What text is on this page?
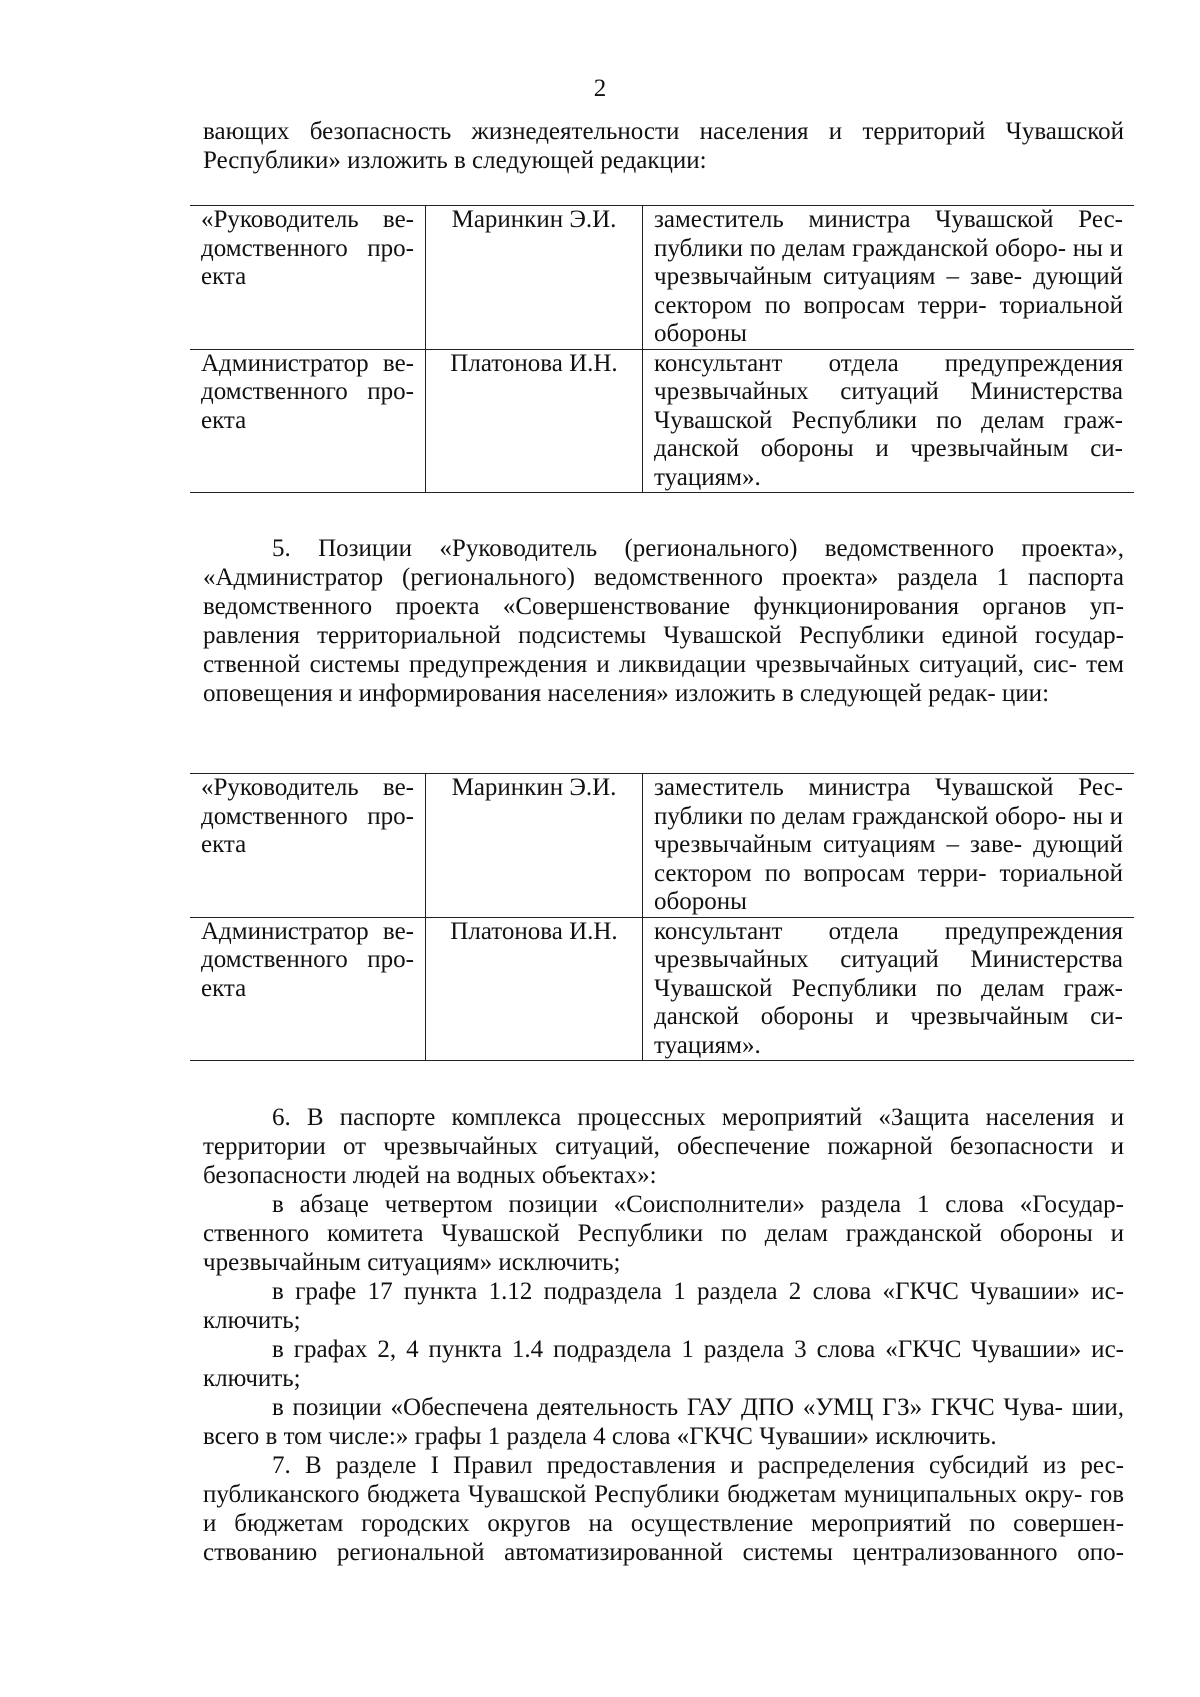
2

вающих безопасность жизнедеятельности населения и территорий Чувашской

Республики» изложить в следующей редакции:

«Руководитель ве- домственного про- екта	Маринкин Э.И.	заместитель министра Чувашской Рес- публики по делам гражданской оборо- ны и чрезвычайным ситуациям – заве- дующий сектором по вопросам терри- ториальной обороны
Администратор ве- домственного про- екта	Платонова И.Н.	консультант отдела предупреждения чрезвычайных ситуаций Министерства Чувашской Республики по делам граж- данской обороны и чрезвычайным си- туациям».

5. Позиции «Руководитель (регионального) ведомственного проекта», «Администратор (регионального) ведомственного проекта» раздела 1 паспорта ведомственного проекта «Совершенствование функционирования органов уп- равления территориальной подсистемы Чувашской Республики единой государ- ственной системы предупреждения и ликвидации чрезвычайных ситуаций, сис- тем оповещения и информирования населения» изложить в следующей редак- ции:

«Руководитель ве- домственного про- екта	Маринкин Э.И.	заместитель министра Чувашской Рес- публики по делам гражданской оборо- ны и чрезвычайным ситуациям – заве- дующий сектором по вопросам терри- ториальной обороны
Администратор ве- домственного про- екта	Платонова И.Н.	консультант отдела предупреждения чрезвычайных ситуаций Министерства Чувашской Республики по делам граж- данской обороны и чрезвычайным си- туациям».

6. В паспорте комплекса процессных мероприятий «Защита населения и территории от чрезвычайных ситуаций, обеспечение пожарной безопасности и безопасности людей на водных объектах»:

в абзаце четвертом позиции «Соисполнители» раздела 1 слова «Государ- ственного комитета Чувашской Республики по делам гражданской обороны и чрезвычайным ситуациям» исключить;

в графе 17 пункта 1.12 подраздела 1 раздела 2 слова «ГКЧС Чувашии» ис- ключить;

в графах 2, 4 пункта 1.4 подраздела 1 раздела 3 слова «ГКЧС Чувашии» ис- ключить;

в позиции «Обеспечена деятельность ГАУ ДПО «УМЦ ГЗ» ГКЧС Чува- шии, всего в том числе:» графы 1 раздела 4 слова «ГКЧС Чувашии» исключить.

7. В разделе I Правил предоставления и распределения субсидий из рес- публиканского бюджета Чувашской Республики бюджетам муниципальных окру- гов и бюджетам городских округов на осуществление мероприятий по совершен- ствованию региональной автоматизированной системы централизованного опо-
